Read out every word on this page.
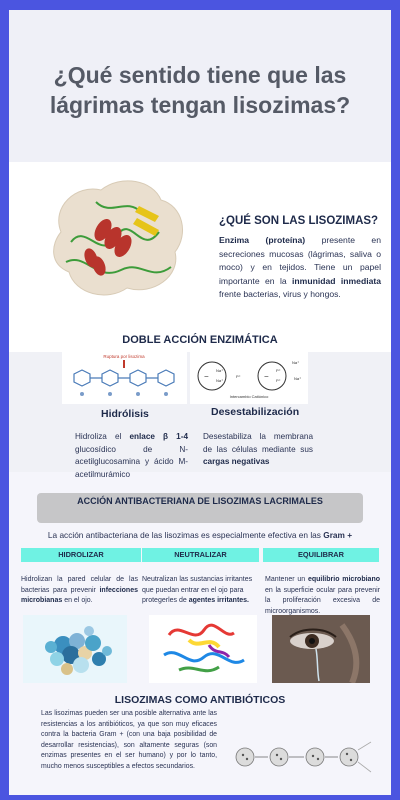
¿Qué sentido tiene que las lágrimas tengan lisozimas?
¿QUÉ SON LAS LISOZIMAS?
Enzima (proteína) presente en secreciones mucosas (lágrimas, saliva o moco) y en tejidos. Tiene un papel importante en la inmunidad inmediata frente bacterias, virus y hongos.
DOBLE ACCIÓN ENZIMÁTICA
Ruptura por lisozima
−	−
Na⁺
Na⁺
P⁺
P⁺
P⁺
Na⁺
Na⁺
Intercambio Catiónico
Hidrólisis	Desestabilización
Hidroliza el enlace β 1-4 glucosídico de N-acetilglucosamina y ácido M-acetilmurámico
Desestabiliza la membrana de las células mediante sus cargas negativas
ACCIÓN ANTIBACTERIANA DE LISOZIMAS LACRIMALES
La acción antibacteriana de las lisozimas es especialmente efectiva en las Gram +
HIDROLIZAR	NEUTRALIZAR	EQUILIBRAR
Hidrolizan la pared celular de las bacterias para prevenir infecciones microbianas en el ojo.
Neutralizan las sustancias irritantes que puedan entrar en el ojo para protegerles de agentes irritantes.
Mantener un equilibrio microbiano en la superficie ocular para prevenir la proliferación excesiva de microorganismos.
LISOZIMAS COMO ANTIBIÓTICOS
Las lisozimas pueden ser una posible alternativa ante las resistencias a los antibióticos, ya que son muy eficaces contra la bacteria Gram + (con una baja posibilidad de desarrollar resistencias), son altamente seguras (son enzimas presentes en el ser humano) y por lo tanto, mucho menos susceptibles a efectos secundarios.
